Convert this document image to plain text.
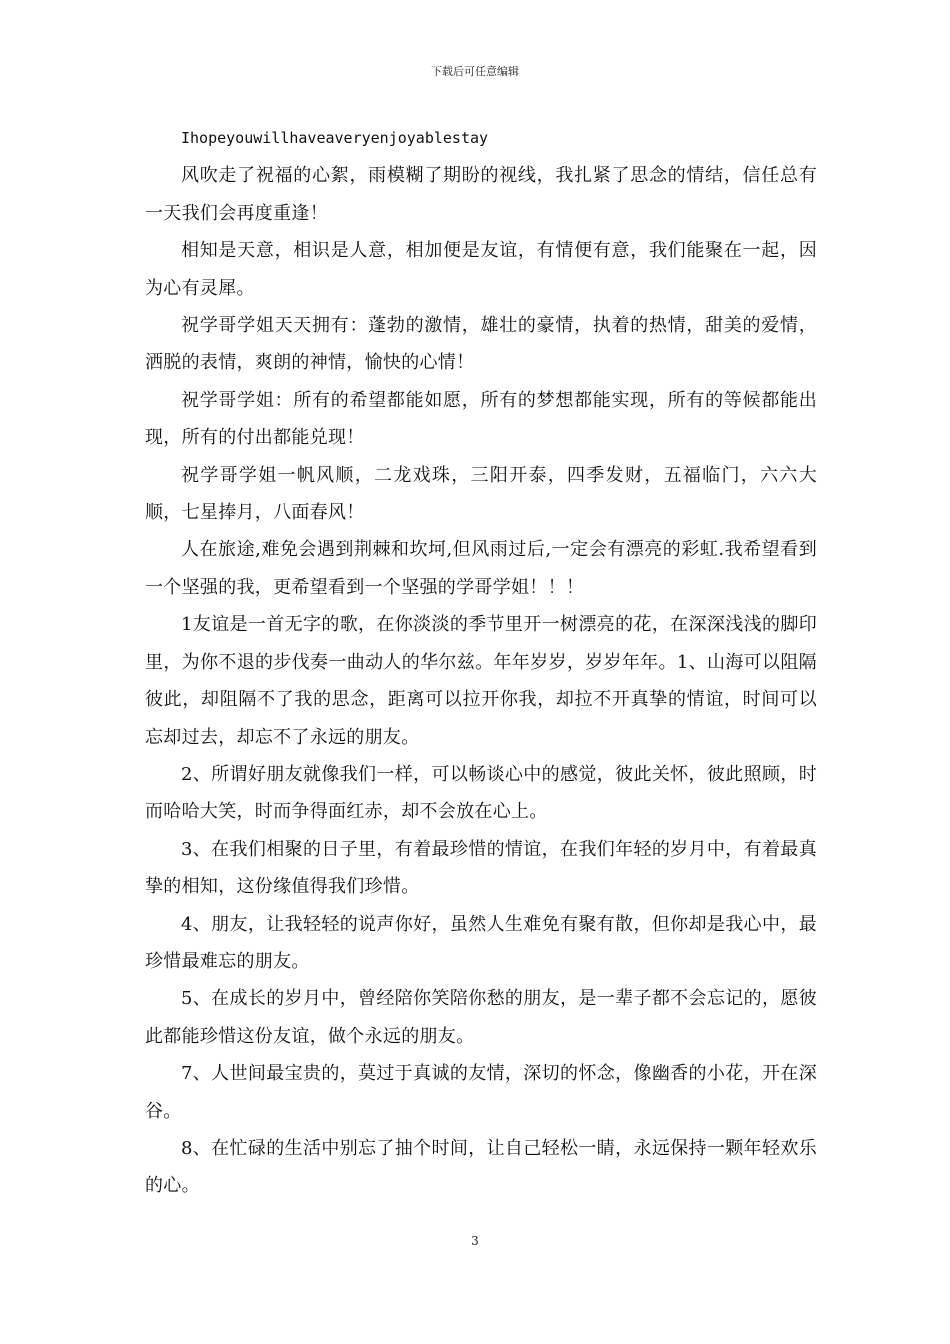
下载后可任意编辑

Ihopeyouwillhaveaveryenjoyablestay

风吹走了祝福的心絮，雨模糊了期盼的视线，我扎紧了思念的情结，信任总有一天我们会再度重逢！

相知是天意，相识是人意，相加便是友谊，有情便有意，我们能聚在一起，因为心有灵犀。

祝学哥学姐天天拥有：蓬勃的激情，雄壮的豪情，执着的热情，甜美的爱情，洒脱的表情，爽朗的神情，愉快的心情！

祝学哥学姐：所有的希望都能如愿，所有的梦想都能实现，所有的等候都能出现，所有的付出都能兑现！

祝学哥学姐一帆风顺，二龙戏珠，三阳开泰，四季发财，五福临门，六六大顺，七星捧月，八面春风！

人在旅途,难免会遇到荆棘和坎坷,但风雨过后,一定会有漂亮的彩虹.我希望看到一个坚强的我，更希望看到一个坚强的学哥学姐！！！

1友谊是一首无字的歌，在你淡淡的季节里开一树漂亮的花，在深深浅浅的脚印里，为你不退的步伐奏一曲动人的华尔兹。年年岁岁，岁岁年年。1、山海可以阻隔彼此，却阻隔不了我的思念，距离可以拉开你我，却拉不开真挚的情谊，时间可以忘却过去，却忘不了永远的朋友。

2、所谓好朋友就像我们一样，可以畅谈心中的感觉，彼此关怀，彼此照顾，时而哈哈大笑，时而争得面红赤，却不会放在心上。

3、在我们相聚的日子里，有着最珍惜的情谊，在我们年轻的岁月中，有着最真挚的相知，这份缘值得我们珍惜。

4、朋友，让我轻轻的说声你好，虽然人生难免有聚有散，但你却是我心中，最珍惜最难忘的朋友。

5、在成长的岁月中，曾经陪你笑陪你愁的朋友，是一辈子都不会忘记的，愿彼此都能珍惜这份友谊，做个永远的朋友。

7、人世间最宝贵的，莫过于真诚的友情，深切的怀念，像幽香的小花，开在深谷。

8、在忙碌的生活中别忘了抽个时间，让自己轻松一睛，永远保持一颗年轻欢乐的心。

3
